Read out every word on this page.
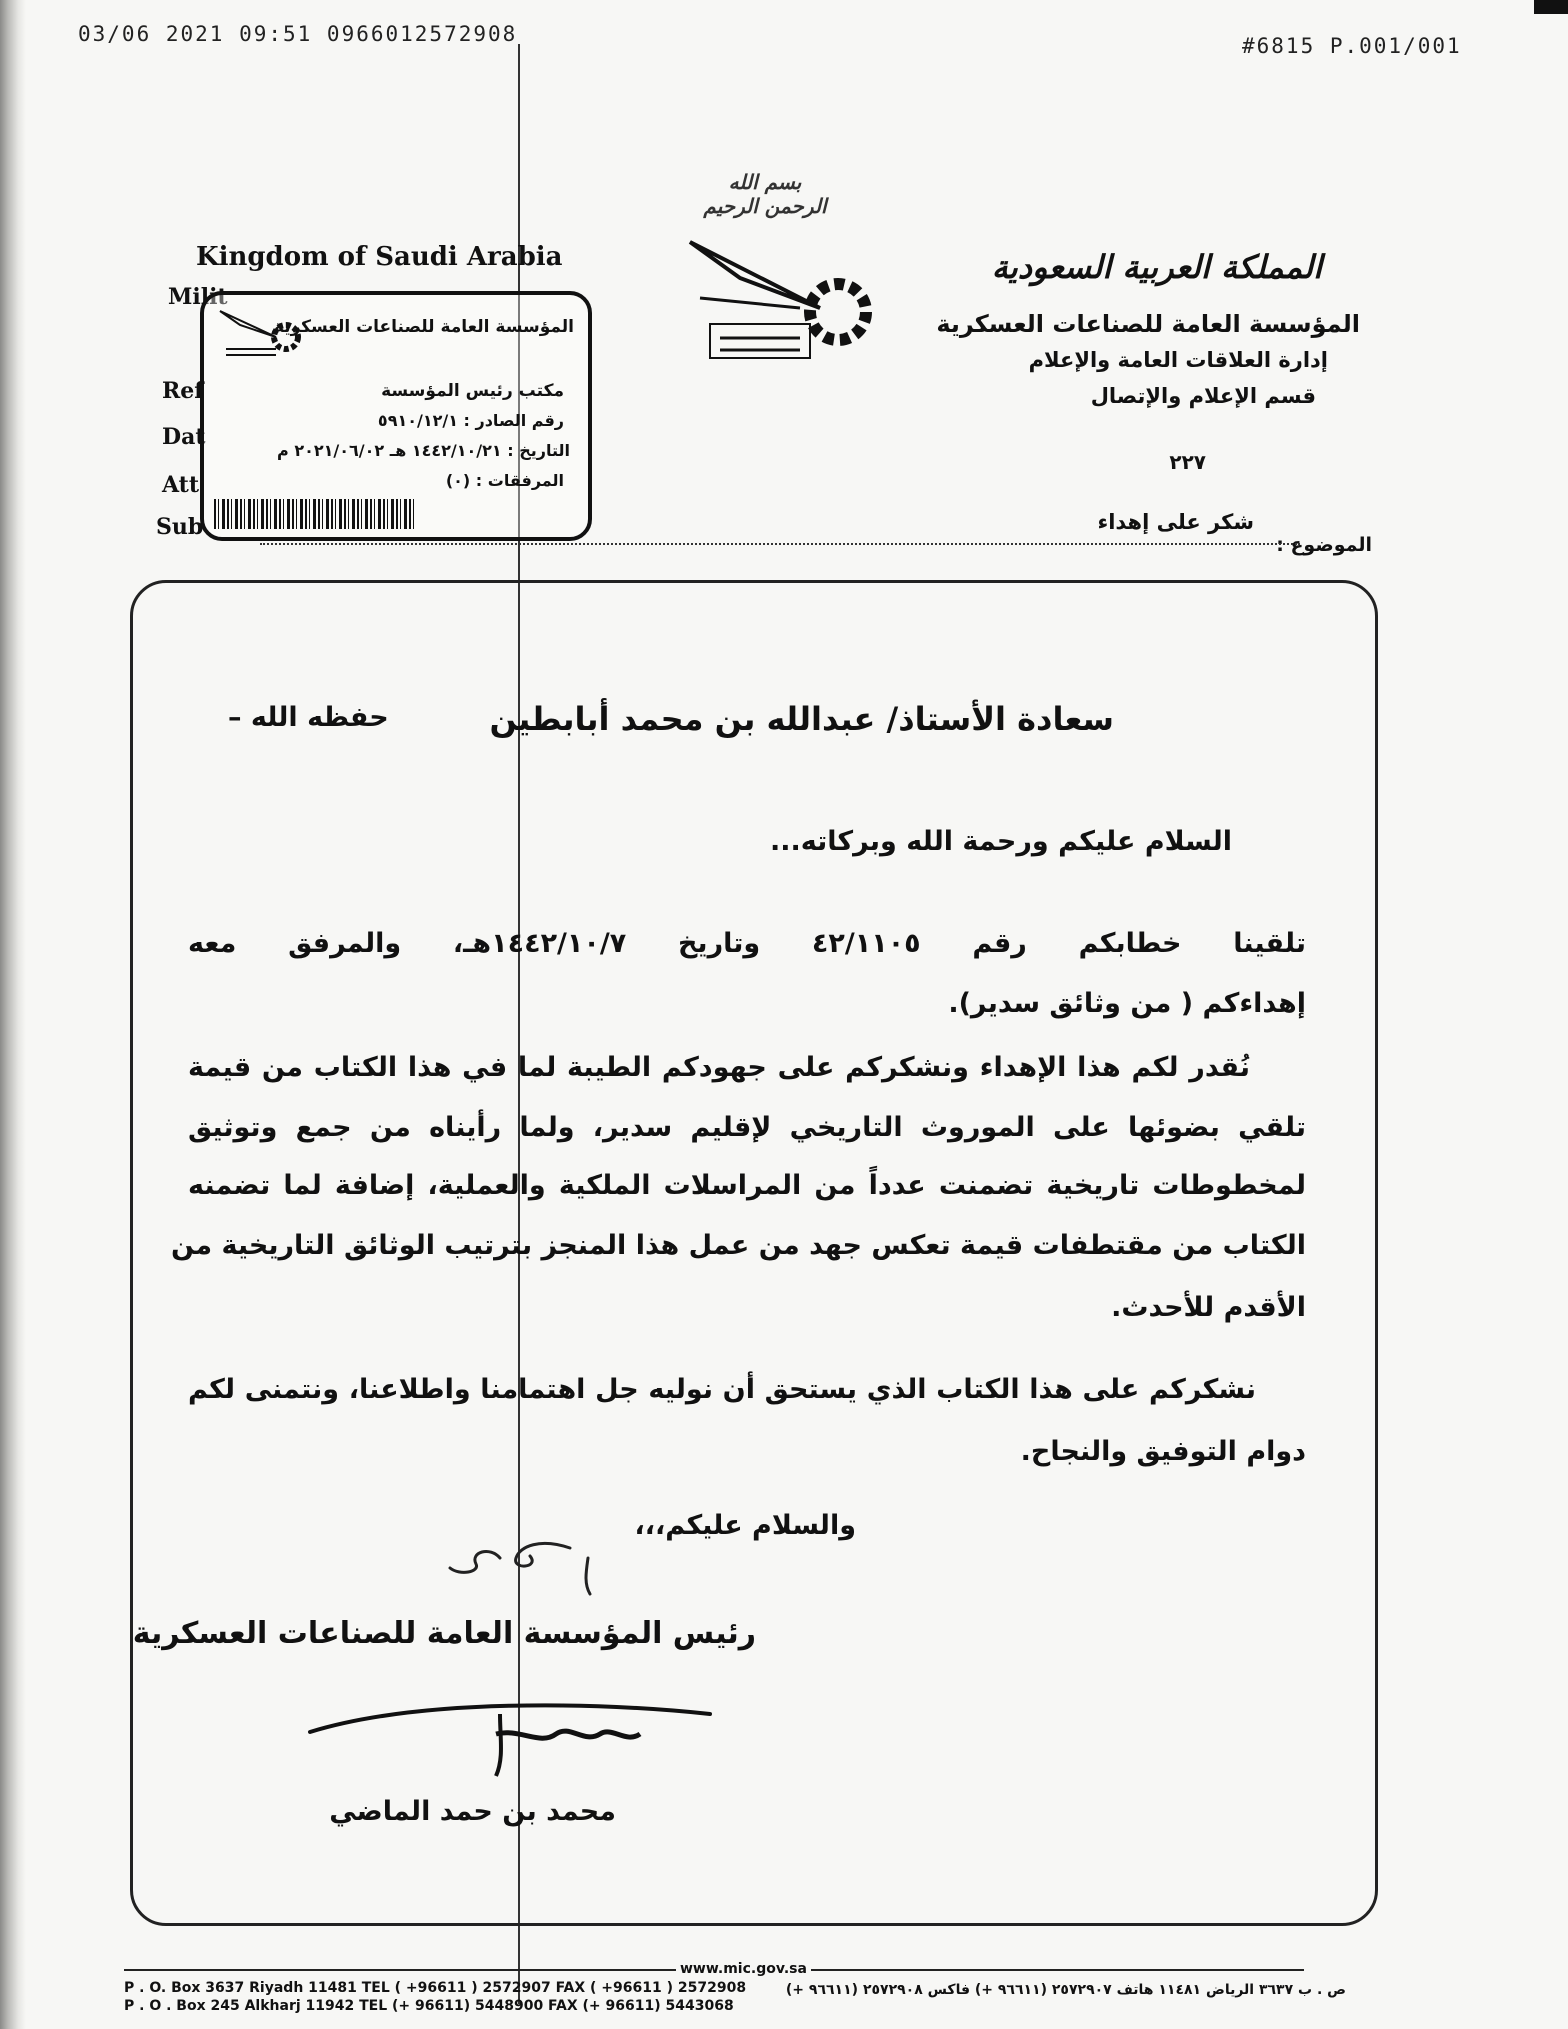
03/06 2021 09:51 0966012572908	#6815 P.001/001
بسم الله الرحمن الرحيم
Kingdom of Saudi Arabia
Milit
Ref
Dat
Att
Sub
المملكة العربية السعودية
المؤسسة العامة للصناعات العسكرية
إدارة العلاقات العامة والإعلام
قسم الإعلام والإتصال
٢٢٧
شكر على إهداء
الموضوع :
المؤسسة العامة للصناعات العسكرية
مكتب رئيس المؤسسة
رقم الصادر : ٥٩١٠/١٢/١
التاريخ : ١٤٤٢/١٠/٢١ هـ ٢٠٢١/٠٦/٠٢ م
المرفقات : (٠)
سعادة الأستاذ/ عبدالله بن محمد أبابطين
حفظه الله –
السلام عليكم ورحمة الله وبركاته...
تلقينا خطابكم رقم ٤٢/١١٠٥ وتاريخ ١٤٤٢/١٠/٧هـ، والمرفق معه
إهداءكم ( من وثائق سدير).
نُقدر لكم هذا الإهداء ونشكركم على جهودكم الطيبة لما في هذا الكتاب من قيمة
تلقي بضوئها على الموروث التاريخي لإقليم سدير، ولما رأيناه من جمع وتوثيق
لمخطوطات تاريخية تضمنت عدداً من المراسلات الملكية والعملية، إضافة لما تضمنه
الكتاب من مقتطفات قيمة تعكس جهد من عمل هذا المنجز بترتيب الوثائق التاريخية من
الأقدم للأحدث.
نشكركم على هذا الكتاب الذي يستحق أن نوليه جل اهتمامنا واطلاعنا، ونتمنى لكم
دوام التوفيق والنجاح.
والسلام عليكم،،،
رئيس المؤسسة العامة للصناعات العسكرية
محمد بن حمد الماضي
www.mic.gov.sa
P . O. Box 3637 Riyadh 11481 TEL ( +96611 ) 2572907 FAX ( +96611 ) 2572908
P . O . Box 245 Alkharj 11942 TEL (+ 96611) 5448900 FAX (+ 96611) 5443068
ص . ب ٣٦٣٧ الرياض ١١٤٨١ هاتف ٢٥٧٢٩٠٧ (٩٦٦١١ +) فاكس ٢٥٧٢٩٠٨ (٩٦٦١١ +)
